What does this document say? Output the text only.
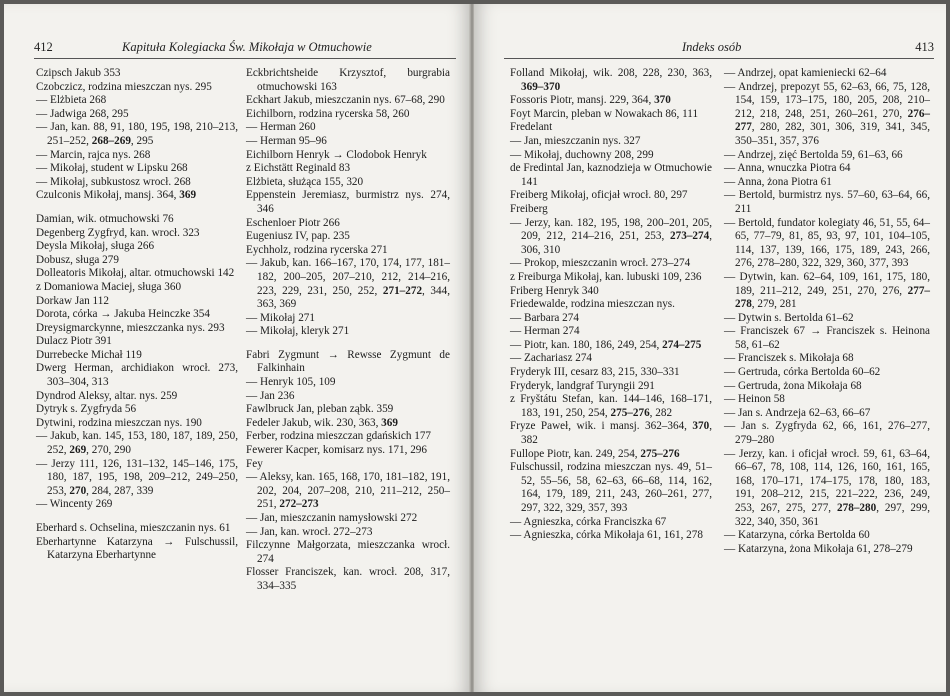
412	Kapituła Kolegiacka Św. Mikołaja w Otmuchowie
Czipsch Jakub 353
Czobczicz, rodzina mieszczan nys. 295
— Elżbieta 268
— Jadwiga 268, 295
— Jan, kan. 88, 91, 180, 195, 198, 210–213, 251–252, 268–269, 295
— Marcin, rajca nys. 268
— Mikołaj, student w Lipsku 268
— Mikołaj, subkustosz wrocł. 268
Czulconis Mikołaj, mansj. 364, 369
Damian, wik. otmuchowski 76
Degenberg Zygfryd, kan. wrocł. 323
Deysla Mikołaj, sługa 266
Dobusz, sługa 279
Dolleatoris Mikołaj, altar. otmuchowski 142
z Domaniowa Maciej, sługa 360
Dorkaw Jan 112
Dorota, córka → Jakuba Heinczke 354
Dreysigmarckynne, mieszczanka nys. 293
Dulacz Piotr 391
Durrebecke Michał 119
Dwerg Herman, archidiakon wrocł. 273, 303–304, 313
Dyndrod Aleksy, altar. nys. 259
Dytryk s. Zygfryda 56
Dytwini, rodzina mieszczan nys. 190
— Jakub, kan. 145, 153, 180, 187, 189, 250, 252, 269, 270, 290
— Jerzy 111, 126, 131–132, 145–146, 175, 180, 187, 195, 198, 209–212, 249–250, 253, 270, 284, 287, 339
— Wincenty 269
Eberhard s. Ochselina, mieszczanin nys. 61
Eberhartynne Katarzyna → Fulschussil, Katarzyna Eberhartynne
Eckbrichtsheide Krzysztof, burgrabia otmuchowski 163
Eckhart Jakub, mieszczanin nys. 67–68, 290
Eichilborn, rodzina rycerska 58, 260
— Herman 260
— Herman 95–96
Eichilborn Henryk → Clodobok Henryk
z Eichstätt Reginald 83
Elżbieta, służąca 155, 320
Eppenstein Jeremiasz, burmistrz nys. 274, 346
Eschenloer Piotr 266
Eugeniusz IV, pap. 235
Eychholz, rodzina rycerska 271
— Jakub, kan. 166–167, 170, 174, 177, 181–182, 200–205, 207–210, 212, 214–216, 223, 229, 231, 250, 252, 271–272, 344, 363, 369
— Mikołaj 271
— Mikołaj, kleryk 271
Fabri Zygmunt → Rewsse Zygmunt de Falkinhain
— Henryk 105, 109
— Jan 236
Fawlbruck Jan, pleban ząbk. 359
Fedeler Jakub, wik. 230, 363, 369
Ferber, rodzina mieszczan gdańskich 177
Fewerer Kacper, komisarz nys. 171, 296
Fey
— Aleksy, kan. 165, 168, 170, 181–182, 191, 202, 204, 207–208, 210, 211–212, 250–251, 272–273
— Jan, mieszczanin namysłowski 272
— Jan, kan. wrocł. 272–273
Filczynne Małgorzata, mieszczanka wrocł. 274
Flosser Franciszek, kan. wrocł. 208, 317, 334–335
Indeks osób	413
Folland Mikołaj, wik. 208, 228, 230, 363, 369–370
Fossoris Piotr, mansj. 229, 364, 370
Foyt Marcin, pleban w Nowakach 86, 111
Fredelant
— Jan, mieszczanin nys. 327
— Mikołaj, duchowny 208, 299
de Fredintal Jan, kaznodzieja w Otmuchowie 141
Freiberg Mikołaj, oficjał wrocł. 80, 297
Freiberg
— Jerzy, kan. 182, 195, 198, 200–201, 205, 209, 212, 214–216, 251, 253, 273–274, 306, 310
— Prokop, mieszczanin wrocł. 273–274
z Freiburga Mikołaj, kan. lubuski 109, 236
Friberg Henryk 340
Friedewalde, rodzina mieszczan nys.
— Barbara 274
— Herman 274
— Piotr, kan. 180, 186, 249, 254, 274–275
— Zachariasz 274
Fryderyk III, cesarz 83, 215, 330–331
Fryderyk, landgraf Turyngii 291
z Fryštátu Stefan, kan. 144–146, 168–171, 183, 191, 250, 254, 275–276, 282
Fryze Paweł, wik. i mansj. 362–364, 370, 382
Fullope Piotr, kan. 249, 254, 275–276
Fulschussil, rodzina mieszczan nys. 49, 51–52, 55–56, 58, 62–63, 66–68, 114, 162, 164, 179, 189, 211, 243, 260–261, 277, 297, 322, 329, 357, 393
— Agnieszka, córka Franciszka 67
— Agnieszka, córka Mikołaja 61, 161, 278
— Andrzej, opat kamieniecki 62–64
— Andrzej, prepozyt 55, 62–63, 66, 75, 128, 154, 159, 173–175, 180, 205, 208, 210–212, 218, 248, 251, 260–261, 270, 276–277, 280, 282, 301, 306, 319, 341, 345, 350–351, 357, 376
— Andrzej, zięć Bertolda 59, 61–63, 66
— Anna, wnuczka Piotra 64
— Anna, żona Piotra 61
— Bertold, burmistrz nys. 57–60, 63–64, 66, 211
— Bertold, fundator kolegiaty 46, 51, 55, 64–65, 77–79, 81, 85, 93, 97, 101, 104–105, 114, 137, 139, 166, 175, 189, 243, 266, 276, 278–280, 322, 329, 360, 377, 393
— Dytwin, kan. 62–64, 109, 161, 175, 180, 189, 211–212, 249, 251, 270, 276, 277–278, 279, 281
— Dytwin s. Bertolda 61–62
— Franciszek 67 → Franciszek s. Heinona 58, 61–62
— Franciszek s. Mikołaja 68
— Gertruda, córka Bertolda 60–62
— Gertruda, żona Mikołaja 68
— Heinon 58
— Jan s. Andrzeja 62–63, 66–67
— Jan s. Zygfryda 62, 66, 161, 276–277, 279–280
— Jerzy, kan. i oficjał wrocł. 59, 61, 63–64, 66–67, 78, 108, 114, 126, 160, 161, 165, 168, 170–171, 174–175, 178, 180, 183, 191, 208–212, 215, 221–222, 236, 249, 253, 267, 275, 277, 278–280, 297, 299, 322, 340, 350, 361
— Katarzyna, córka Bertolda 60
— Katarzyna, żona Mikołaja 61, 278–279
